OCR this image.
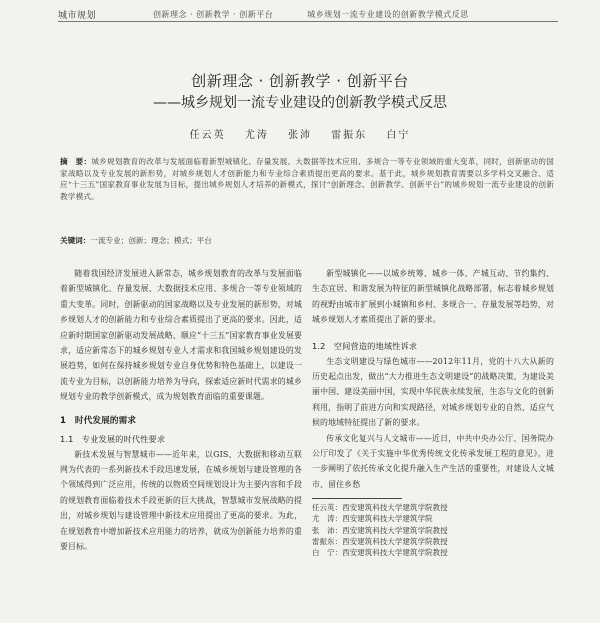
城市规划	创新理念 · 创新教学 · 创新平台　　　　城乡规划一流专业建设的创新教学模式反思
创新理念 · 创新教学 · 创新平台
——城乡规划一流专业建设的创新教学模式反思
任云英 尤涛 张沛 雷振东 白宁
摘　要：城乡规划教育的改革与发展面临着新型城镇化、存量发展、大数据等技术应用、多规合一等专业领域的重大变革，同时，创新驱动的国家战略以及专业发展的新形势，对城乡规划人才创新能力和专业综合素质提出更高的要求。基于此，城乡规划教育需要以多学科交叉融合、适应“十三五”国家教育事业发展为目标，提出城乡规划人才培养的新模式，探讨“创新理念、创新教学、创新平台”的城乡规划一流专业建设的创新教学模式。
关键词：一流专业；创新；理念；模式；平台

随着我国经济发展进入新常态，城乡规划教育的改革与发展面临着新型城镇化、存量发展、大数据技术应用、多规合一等专业领域的重大变革。同时，创新驱动的国家战略以及专业发展的新形势，对城乡规划人才的创新能力和专业综合素质提出了更高的要求。因此，适应新时期国家创新驱动发展战略、顺应“十三五”国家教育事业发展要求，适应新常态下的城乡规划专业人才需求和我国城乡规划建设的发展趋势，如何在保持城乡规划专业自身优势和特色基础上，以建设一流专业为目标，以创新能力培养为导向，探索适应新时代需求的城乡规划专业的教学创新模式，成为规划教育面临的重要课题。

1　时代发展的需求
1.1　专业发展的时代性要求

新技术发展与智慧城市——近年来，以GIS、大数据和移动互联网为代表的一系列新技术手段迅速发展，在城乡规划与建设管理的各个领域得到广泛应用，传统的以物质空间规划设计为主要内容和手段的规划教育面临着技术手段更新的巨大挑战，智慧城市发展战略的提出，对城乡规划与建设管理中新技术应用提出了更高的要求。为此，在规划教育中增加新技术应用能力的培养，就成为创新能力培养的重要目标。

新型城镇化——以城乡统筹、城乡一体、产城互动、节约集约、生态宜居、和谐发展为特征的新型城镇化战略部署，标志着城乡规划的视野由城市扩展到小城镇和乡村、多规合一、存量发展等趋势，对城乡规划人才素质提出了新的要求。

1.2　空间营造的地域性诉求

生态文明建设与绿色城市——2012年11月，党的十八大从新的历史起点出发，做出“大力推进生态文明建设”的战略决策，为建设美丽中国、建设美丽中国，实现中华民族永续发展，生态与文化的创新利用，指明了前进方向和实现路径，对城乡规划专业的自然、适应气候的地域特征提出了新的要求。

传承文化复兴与人文城市——近日，中共中央办公厅、国务院办公厅印发了《关于实施中华优秀传统文化传承发展工程的意见》，进一步阐明了依托传承文化提升融入生产生活的重要性，对建设人文城市、留住乡愁

任云英：西安建筑科技大学建筑学院教授
尤　涛：西安建筑科技大学建筑学院
张　沛：西安建筑科技大学建筑学院教授
雷振东：西安建筑科技大学建筑学院教授
白　宁：西安建筑科技大学建筑学院教授
